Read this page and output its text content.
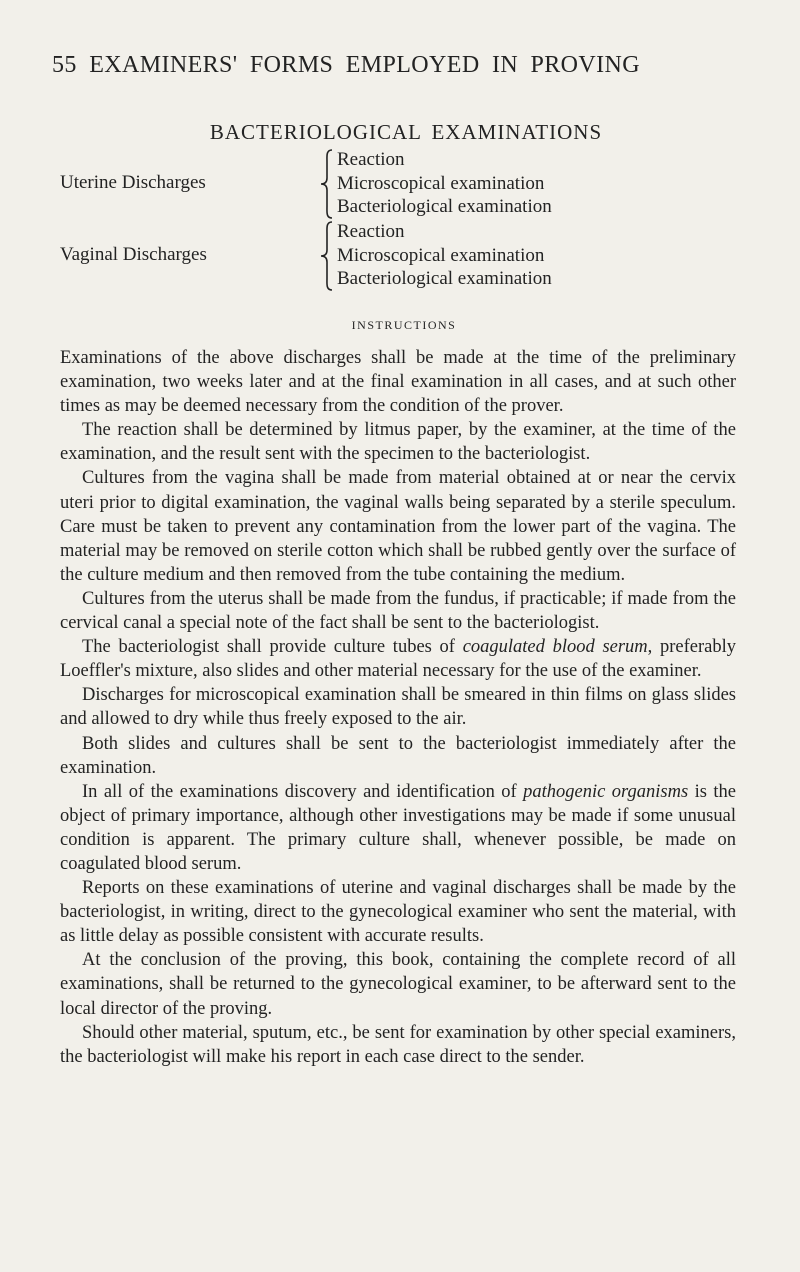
55 EXAMINERS' FORMS EMPLOYED IN PROVING
BACTERIOLOGICAL EXAMINATIONS
Uterine Discharges
Reaction
Microscopical examination
Bacteriological examination
Vaginal Discharges
Reaction
Microscopical examination
Bacteriological examination
INSTRUCTIONS

Examinations of the above discharges shall be made at the time of the preliminary examination, two weeks later and at the final examination in all cases, and at such other times as may be deemed necessary from the condition of the prover.

The reaction shall be determined by litmus paper, by the examiner, at the time of the examination, and the result sent with the specimen to the bacteriologist.

Cultures from the vagina shall be made from material obtained at or near the cervix uteri prior to digital examination, the vaginal walls being separated by a sterile speculum. Care must be taken to prevent any contamination from the lower part of the vagina. The material may be removed on sterile cotton which shall be rubbed gently over the surface of the culture medium and then removed from the tube containing the medium.

Cultures from the uterus shall be made from the fundus, if practicable; if made from the cervical canal a special note of the fact shall be sent to the bacteriologist.

The bacteriologist shall provide culture tubes of coagulated blood serum, preferably Loeffler's mixture, also slides and other material necessary for the use of the examiner.

Discharges for microscopical examination shall be smeared in thin films on glass slides and allowed to dry while thus freely exposed to the air.

Both slides and cultures shall be sent to the bacteriologist immediately after the examination.

In all of the examinations discovery and identification of pathogenic organisms is the object of primary importance, although other investigations may be made if some unusual condition is apparent. The primary culture shall, whenever possible, be made on coagulated blood serum.

Reports on these examinations of uterine and vaginal discharges shall be made by the bacteriologist, in writing, direct to the gynecological examiner who sent the material, with as little delay as possible consistent with accurate results.

At the conclusion of the proving, this book, containing the complete record of all examinations, shall be returned to the gynecological examiner, to be afterward sent to the local director of the proving.

Should other material, sputum, etc., be sent for examination by other special examiners, the bacteriologist will make his report in each case direct to the sender.
